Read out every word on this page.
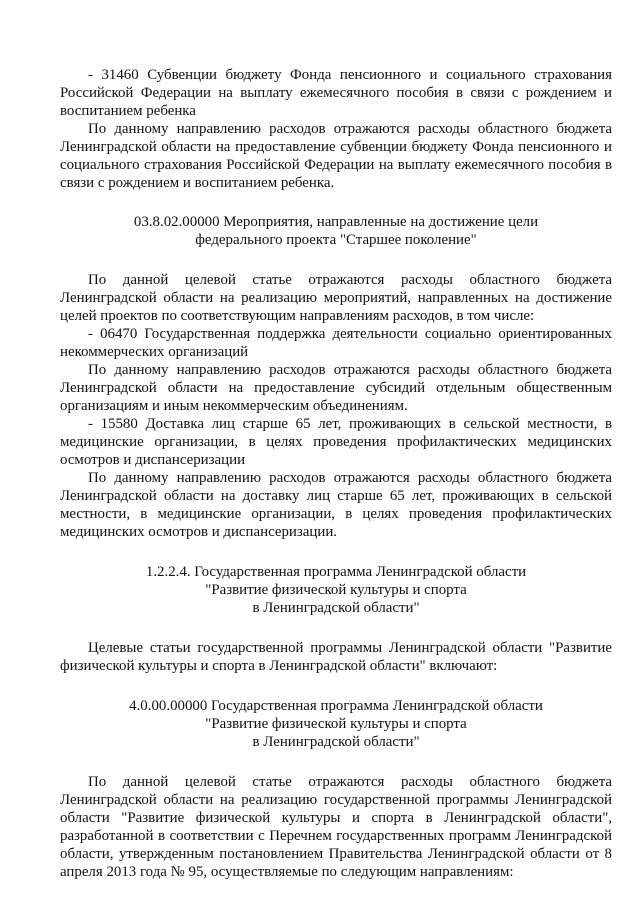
- 31460 Субвенции бюджету Фонда пенсионного и социального страхования Российской Федерации на выплату ежемесячного пособия в связи с рождением и воспитанием ребенка

По данному направлению расходов отражаются расходы областного бюджета Ленинградской области на предоставление субвенции бюджету Фонда пенсионного и социального страхования Российской Федерации на выплату ежемесячного пособия в связи с рождением и воспитанием ребенка.

03.8.02.00000 Мероприятия, направленные на достижение цели

федерального проекта "Старшее поколение"

По данной целевой статье отражаются расходы областного бюджета Ленинградской области на реализацию мероприятий, направленных на достижение целей проектов по соответствующим направлениям расходов, в том числе:

- 06470 Государственная поддержка деятельности социально ориентированных некоммерческих организаций

По данному направлению расходов отражаются расходы областного бюджета Ленинградской области на предоставление субсидий отдельным общественным организациям и иным некоммерческим объединениям.

- 15580 Доставка лиц старше 65 лет, проживающих в сельской местности, в медицинские организации, в целях проведения профилактических медицинских осмотров и диспансеризации

По данному направлению расходов отражаются расходы областного бюджета Ленинградской области на доставку лиц старше 65 лет, проживающих в сельской местности, в медицинские организации, в целях проведения профилактических медицинских осмотров и диспансеризации.

1.2.2.4. Государственная программа Ленинградской области

"Развитие физической культуры и спорта

в Ленинградской области"

Целевые статьи государственной программы Ленинградской области "Развитие физической культуры и спорта в Ленинградской области" включают:

4.0.00.00000 Государственная программа Ленинградской области

"Развитие физической культуры и спорта

в Ленинградской области"

По данной целевой статье отражаются расходы областного бюджета Ленинградской области на реализацию государственной программы Ленинградской области "Развитие физической культуры и спорта в Ленинградской области", разработанной в соответствии с Перечнем государственных программ Ленинградской области, утвержденным постановлением Правительства Ленинградской области от 8 апреля 2013 года № 95, осуществляемые по следующим направлениям:
